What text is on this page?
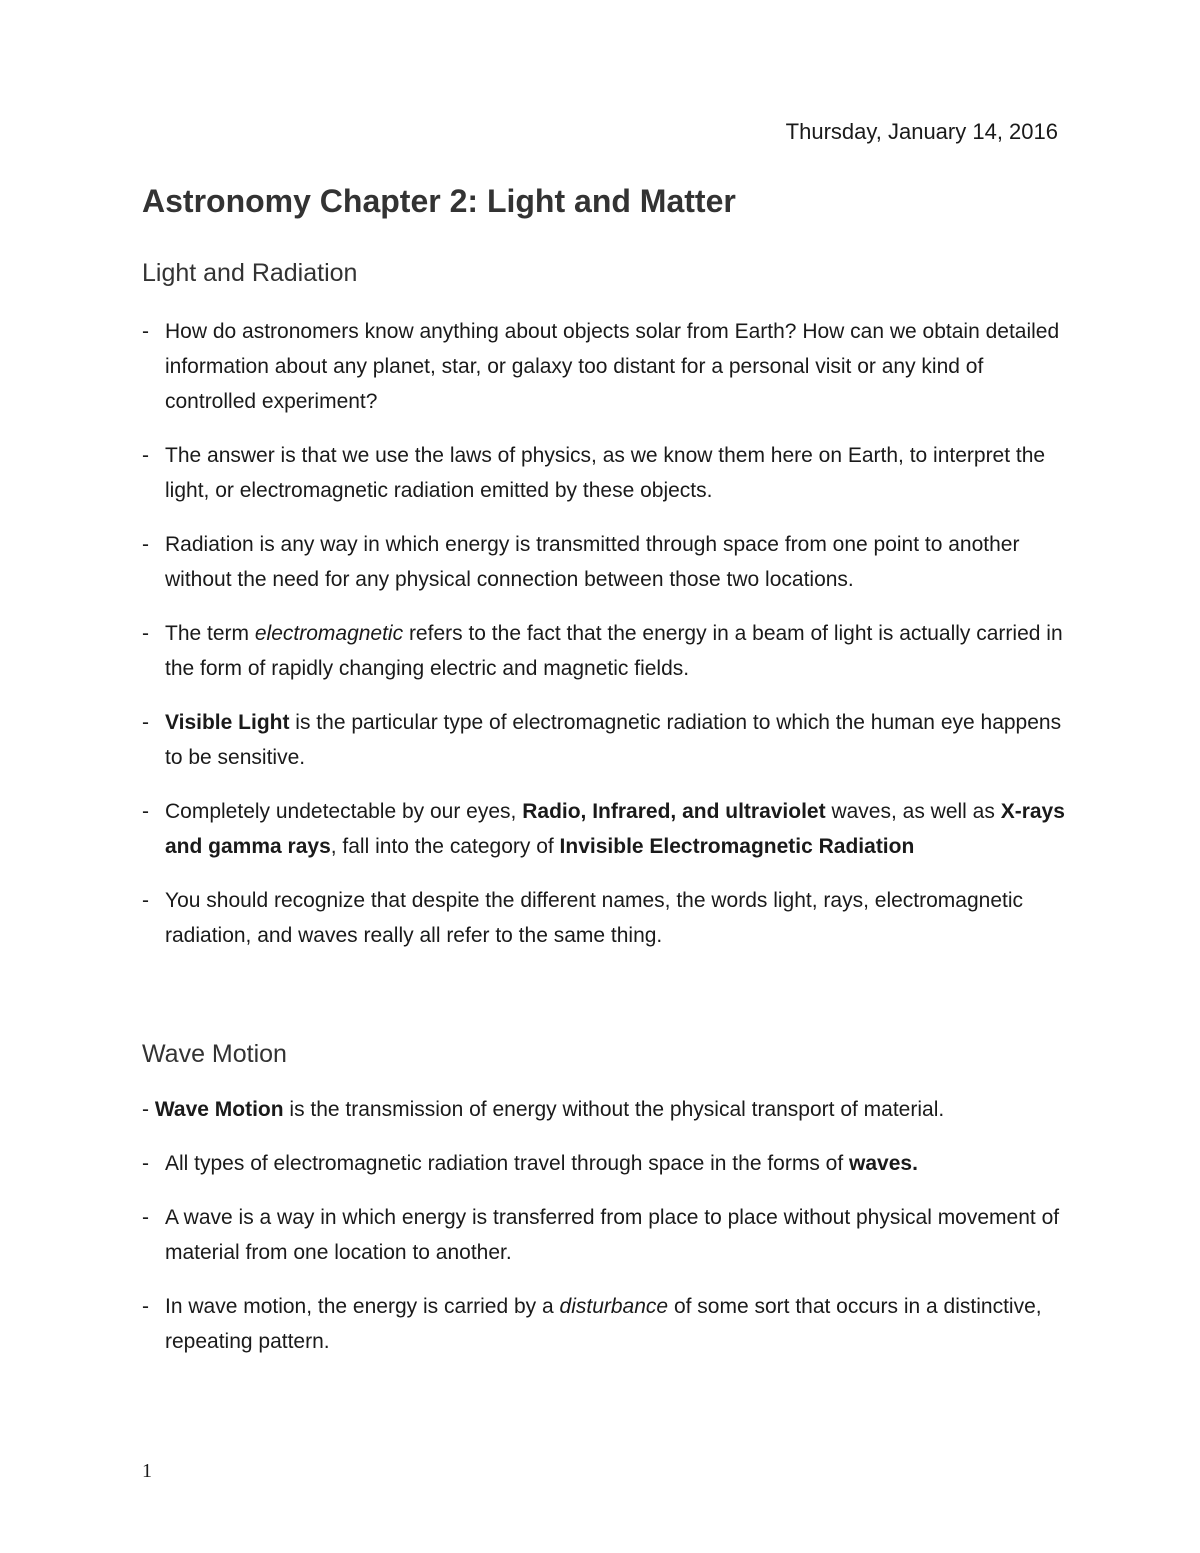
Thursday, January 14, 2016
Astronomy Chapter 2: Light and Matter
Light and Radiation
- How do astronomers know anything about objects solar from Earth? How can we obtain detailed information about any planet, star, or galaxy too distant for a personal visit or any kind of controlled experiment?
- The answer is that we use the laws of physics, as we know them here on Earth, to interpret the light, or electromagnetic radiation emitted by these objects.
- Radiation is any way in which energy is transmitted through space from one point to another without the need for any physical connection between those two locations.
- The term electromagnetic refers to the fact that the energy in a beam of light is actually carried in the form of rapidly changing electric and magnetic fields.
- Visible Light is the particular type of electromagnetic radiation to which the human eye happens to be sensitive.
- Completely undetectable by our eyes, Radio, Infrared, and ultraviolet waves, as well as X-rays and gamma rays, fall into the category of Invisible Electromagnetic Radiation
- You should recognize that despite the different names, the words light, rays, electromagnetic radiation, and waves really all refer to the same thing.
Wave Motion
- Wave Motion is the transmission of energy without the physical transport of material.
- All types of electromagnetic radiation travel through space in the forms of waves.
- A wave is a way in which energy is transferred from place to place without physical movement of material from one location to another.
- In wave motion, the energy is carried by a disturbance of some sort that occurs in a distinctive, repeating pattern.
1
